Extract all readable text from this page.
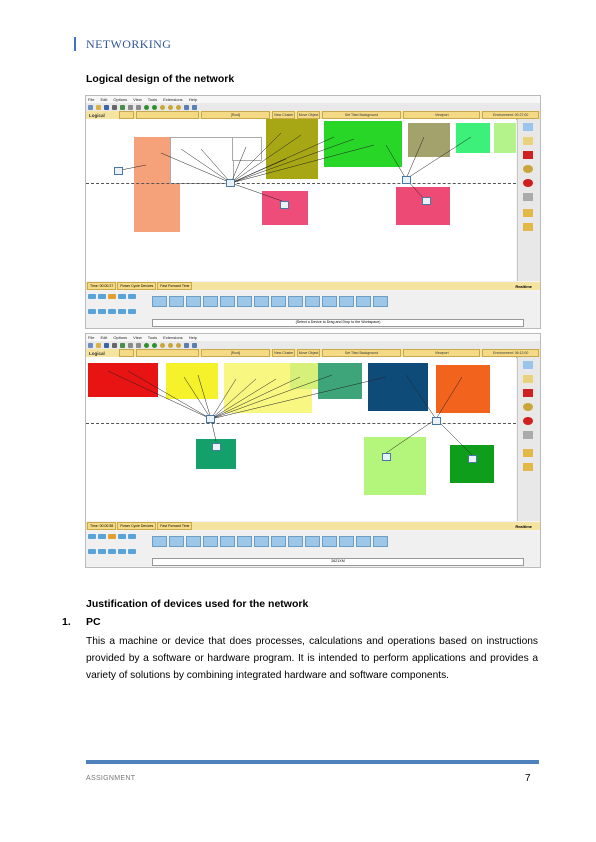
NETWORKING
Logical design of the network
File Edit Options View Tools Extensions Help
Logical	[Root]	New Cluster	Move Object	Set Tiled Background	Viewport	Environment: 00:27:00
Time: 00:00:27	Power Cycle Devices	Fast Forward Time	Realtime
(Select a Device to Drag and Drop to the Workspace)
File Edit Options View Tools Extensions Help
Logical	[Root]	New Cluster	Move Object	Set Tiled Background	Viewport	Environment: 06:12:00
Time: 00:00:58	Power Cycle Devices	Fast Forward Time	Realtime
2621XM
Justification of devices used for the network
1. PC
This a machine or device that does processes, calculations and operations based on instructions provided by a software or hardware program. It is intended to perform applications and provides a variety of solutions by combining integrated hardware and software components.
ASSIGNMENT	7
